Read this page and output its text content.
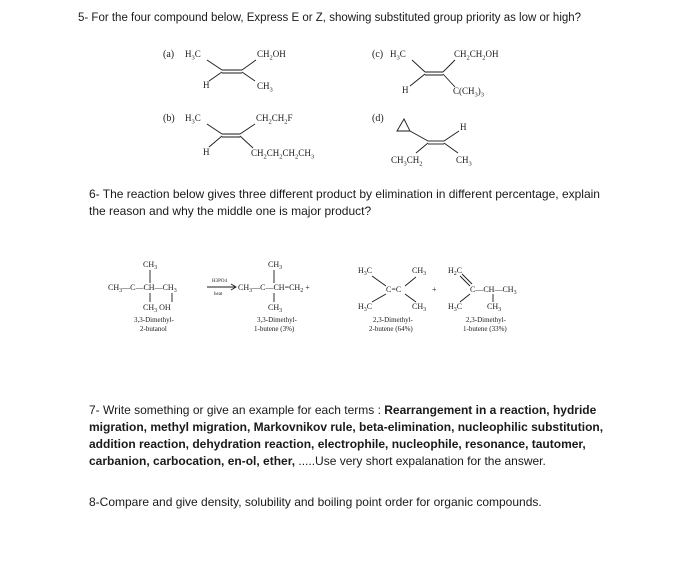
5- For the four compound below, Express E or Z, showing substituted group priority as low or high?
(a) $H_3C$	$CH_2OH$
H	$CH_3$
(c) $H_3C$	$CH_2CH_2OH$
H	$C(CH_3)_3$
(b) $H_3C$	$CH_2CH_2F$
H	$CH_2CH_2CH_2CH_3$
(d)
H
$CH_3CH_2$	$CH_3$
$CH_3$
$CH_3—C—CH—CH_3$
$CH_3$ OH
3,3-Dimethyl-
2-butanol
H3PO4
heat
$CH_3$
$CH_3—C—CH=CH_2$ +
$CH_3$
3,3-Dimethyl-
1-butene (3%)
$H_3C$	$CH_3$
C=C
$H_3C$	$CH_3$
+
2,3-Dimethyl-
2-butene (64%)
$H_2C$
$C—CH—CH_3$
$H_3C$	$CH_3$
2,3-Dimethyl-
1-butene (33%)
6- The reaction below gives three different product by elimination in different percentage, explain the reason and why the middle one is major product?
7- Write something or give an example for each terms : Rearrangement in a reaction, hydride migration, methyl migration, Markovnikov rule, beta-elimination, nucleophilic substitution, addition reaction, dehydration reaction, electrophile, nucleophile, resonance, tautomer, carbanion, carbocation, en-ol, ether, .....Use very short expalanation for the answer.
8-Compare and give density, solubility and boiling point order for organic compounds.
